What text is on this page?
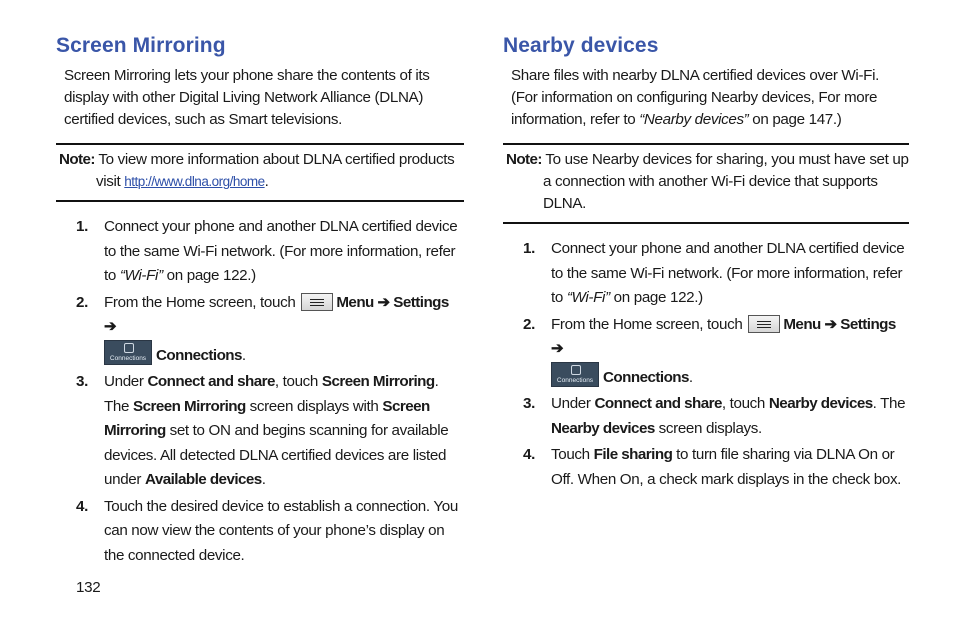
Screen Mirroring

Screen Mirroring lets your phone share the contents of its display with other Digital Living Network Alliance (DLNA) certified devices, such as Smart televisions.

Note: To view more information about DLNA certified products visit http://www.dlna.org/home.
1. Connect your phone and another DLNA certified device to the same Wi-Fi network. (For more information, refer to “Wi-Fi” on page 122.)
2. From the Home screen, touch Menu ➔ Settings ➔

Connections Connections.
3. Under Connect and share, touch Screen Mirroring. The Screen Mirroring screen displays with Screen Mirroring set to ON and begins scanning for available devices. All detected DLNA certified devices are listed under Available devices.
4. Touch the desired device to establish a connection. You can now view the contents of your phone’s display on the connected device.
Nearby devices

Share files with nearby DLNA certified devices over Wi-Fi. (For information on configuring Nearby devices, For more information, refer to “Nearby devices” on page 147.)

Note: To use Nearby devices for sharing, you must have set up a connection with another Wi-Fi device that supports DLNA.
1. Connect your phone and another DLNA certified device to the same Wi-Fi network. (For more information, refer to “Wi-Fi” on page 122.)
2. From the Home screen, touch Menu ➔ Settings ➔

Connections Connections.
3. Under Connect and share, touch Nearby devices. The Nearby devices screen displays.
4. Touch File sharing to turn file sharing via DLNA On or Off. When On, a check mark displays in the check box.
132
